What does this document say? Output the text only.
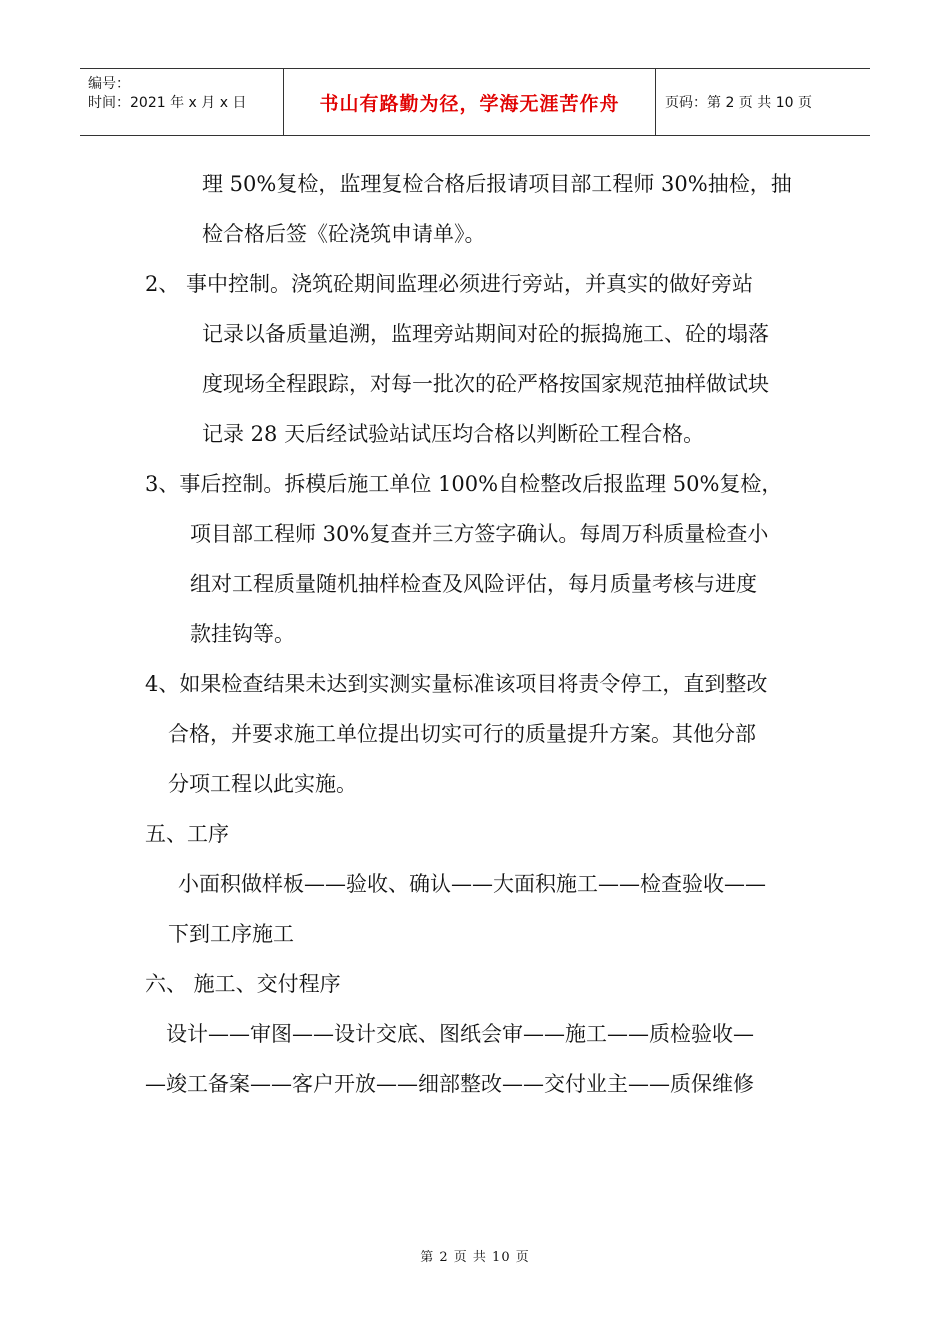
编号：
时间：2021 年 x 月 x 日	书山有路勤为径，学海无涯苦作舟	页码：第 2 页 共 10 页
理 50%复检，监理复检合格后报请项目部工程师 30%抽检，抽
检合格后签《砼浇筑申请单》。
2、 事中控制。浇筑砼期间监理必须进行旁站，并真实的做好旁站
记录以备质量追溯，监理旁站期间对砼的振捣施工、砼的塌落
度现场全程跟踪，对每一批次的砼严格按国家规范抽样做试块
记录 28 天后经试验站试压均合格以判断砼工程合格。
3、事后控制。拆模后施工单位 100%自检整改后报监理 50%复检，
项目部工程师 30%复查并三方签字确认。每周万科质量检查小
组对工程质量随机抽样检查及风险评估，每月质量考核与进度
款挂钩等。
4、如果检查结果未达到实测实量标准该项目将责令停工，直到整改
合格，并要求施工单位提出切实可行的质量提升方案。其他分部
分项工程以此实施。
五、工序
小面积做样板——验收、确认——大面积施工——检查验收——
下到工序施工
六、 施工、交付程序
设计——审图——设计交底、图纸会审——施工——质检验收—
—竣工备案——客户开放——细部整改——交付业主——质保维修
第 2 页 共 10 页
